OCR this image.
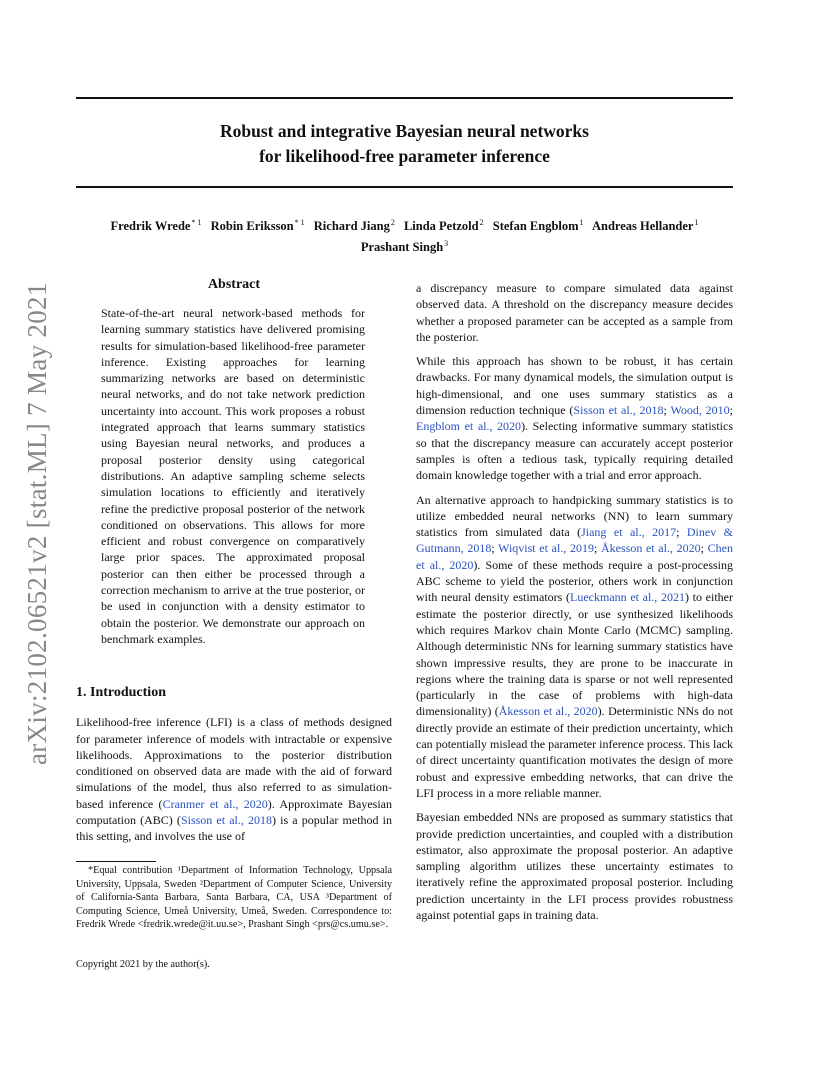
Robust and integrative Bayesian neural networks
for likelihood-free parameter inference
Fredrik Wrede$^{* 1}$ Robin Eriksson$^{* 1}$ Richard Jiang$^2$ Linda Petzold$^2$ Stefan Engblom$^1$ Andreas Hellander$^1$
Prashant Singh$^3$
arXiv:2102.06521v2 [stat.ML] 7 May 2021	Abstract
State-of-the-art neural network-based methods for learning summary statistics have delivered promising results for simulation-based likelihood-free parameter inference. Existing approaches for learning summarizing networks are based on deterministic neural networks, and do not take network prediction uncertainty into account. This work proposes a robust integrated approach that learns summary statistics using Bayesian neural networks, and produces a proposal posterior density using categorical distributions. An adaptive sampling scheme selects simulation locations to efficiently and iteratively refine the predictive proposal posterior of the network conditioned on observations. This allows for more efficient and robust convergence on comparatively large prior spaces. The approximated proposal posterior can then either be processed through a correction mechanism to arrive at the true posterior, or be used in conjunction with a density estimator to obtain the posterior. We demonstrate our approach on benchmark examples.
1. Introduction

Likelihood-free inference (LFI) is a class of methods designed for parameter inference of models with intractable or expensive likelihoods. Approximations to the posterior distribution conditioned on observed data are made with the aid of forward simulations of the model, thus also referred to as simulation-based inference (Cranmer et al., 2020). Approximate Bayesian computation (ABC) (Sisson et al., 2018) is a popular method in this setting, and involves the use of

*Equal contribution ¹Department of Information Technology, Uppsala University, Uppsala, Sweden ²Department of Computer Science, University of California-Santa Barbara, Santa Barbara, CA, USA ³Department of Computing Science, Umeå University, Umeå, Sweden. Correspondence to: Fredrik Wrede <fredrik.wrede@it.uu.se>, Prashant Singh <prs@cs.umu.se>.
Copyright 2021 by the author(s).

a discrepancy measure to compare simulated data against observed data. A threshold on the discrepancy measure decides whether a proposed parameter can be accepted as a sample from the posterior.

While this approach has shown to be robust, it has certain drawbacks. For many dynamical models, the simulation output is high-dimensional, and one uses summary statistics as a dimension reduction technique (Sisson et al., 2018; Wood, 2010; Engblom et al., 2020). Selecting informative summary statistics so that the discrepancy measure can accurately accept posterior samples is often a tedious task, typically requiring detailed domain knowledge together with a trial and error approach.

An alternative approach to handpicking summary statistics is to utilize embedded neural networks (NN) to learn summary statistics from simulated data (Jiang et al., 2017; Dinev & Gutmann, 2018; Wiqvist et al., 2019; Åkesson et al., 2020; Chen et al., 2020). Some of these methods require a post-processing ABC scheme to yield the posterior, others work in conjunction with neural density estimators (Lueckmann et al., 2021) to either estimate the posterior directly, or use synthesized likelihoods which requires Markov chain Monte Carlo (MCMC) sampling. Although deterministic NNs for learning summary statistics have shown impressive results, they are prone to be inaccurate in regions where the training data is sparse or not well represented (particularly in the case of problems with high-data dimensionality) (Åkesson et al., 2020). Deterministic NNs do not directly provide an estimate of their prediction uncertainty, which can potentially mislead the parameter inference process. This lack of direct uncertainty quantification motivates the design of more robust and expressive embedding networks, that can drive the LFI process in a more reliable manner.

Bayesian embedded NNs are proposed as summary statistics that provide prediction uncertainties, and coupled with a distribution estimator, also approximate the proposal posterior. An adaptive sampling algorithm utilizes these uncertainty estimates to iteratively refine the approximated proposal posterior. Including prediction uncertainty in the LFI process provides robustness against potential gaps in training data.
